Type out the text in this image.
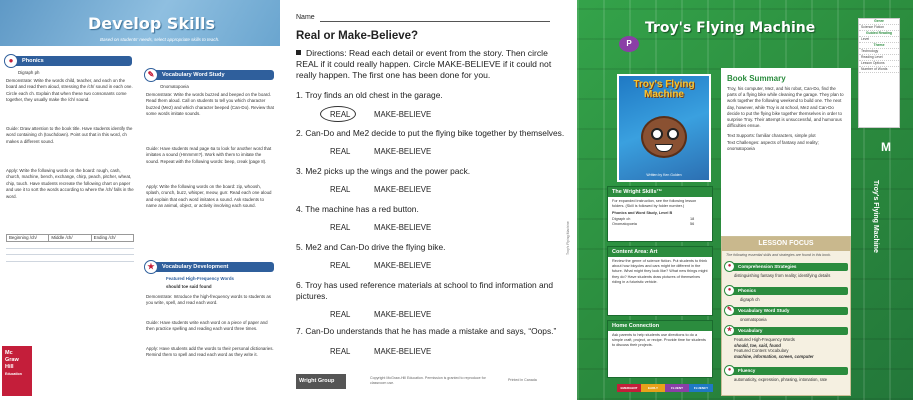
Develop Skills
Based on students' needs, select appropriate skills to teach.
●	Phonics
Digraph ph
Demonstrate: Write the words child, teacher, and each on the board and read them aloud, stressing the /ch/ sound in each one. Circle each ch. Explain that when these two consonants come together, they usually make the /ch/ sound.
Guide: Draw attention to the book title. Have students identify the word containing ch (touchdown). Point out that in this word, ch makes a different sound.
Apply: Write the following words on the board: rough, cash, church, machine, bench, exchange, chirp, peach, pitcher, wheat, chip, touch. Have students recreate the following chart on paper and use it to sort the words according to where the /ch/ falls in the word.
Beginning /ch/	Middle /ch/	Ending /ch/
✎	Vocabulary Word Study
Onomatopoeia
Demonstrate: Write the words buzzed and beeped on the board. Read them aloud. Call on students to tell you which character buzzed (Me2) and which character beeped (Can-Do). Review that some words imitate sounds.
Guide: Have students read page 6a to look for another word that imitates a sound (Hmmmm?). Work with them to imitate the sound. Repeat with the following words: beep, creak (page 8).
Apply: Write the following words on the board: zip, whoosh, splash, crunch, buzz, whisper, meow, gurr. Read each one aloud and explain that each word imitates a sound. Ask students to name an animal, object, or activity involving each sound.
★	Vocabulary Development
Featured High-Frequency Words
should toe said found
Demonstrate: Introduce the high-frequency words to students as you write, spell, and read each word.
Guide: Have students write each word on a piece of paper and then practice spelling and reading each word three times.
Apply: Have students add the words to their personal dictionaries. Remind them to spell and read each word as they write it.
Mc
Graw
Hill
Education
Name
Real or Make-Believe?
Directions: Read each detail or event from the story. Then circle REAL if it could really happen. Circle MAKE-BELIEVE if it could not really happen. The first one has been done for you.
1. Troy finds an old chest in the garage.
REAL	MAKE-BELIEVE
2. Can-Do and Me2 decide to put the flying bike together by themselves.
REAL	MAKE-BELIEVE
3. Me2 picks up the wings and the power pack.
REAL	MAKE-BELIEVE
4. The machine has a red button.
REAL	MAKE-BELIEVE
5. Me2 and Can-Do drive the flying bike.
REAL	MAKE-BELIEVE
6. Troy has used reference materials at school to find information and pictures.
REAL	MAKE-BELIEVE
7. Can-Do understands that he has made a mistake and says, “Oops.”
REAL	MAKE-BELIEVE
Wright Group	Copyright McGraw-Hill Education. Permission is granted to reproduce for classroom use.
Printed in Canada
Troy's Flying Machine
P
Troy's Flying Machine
Troy's Flying Machine
Written by Ken Golden
The Wright Skills™
For expanded instruction, see the following lesson folders. (Skill is followed by folder number.)
Phonics and Word Study, Level B
Digraph ch	18
Onomatopoeia	56
Content Area: Art
Review the genre of science fiction. Put students to think about how bicycles and cars might be different in the future. What might they look like? What new things might they do? Have students draw pictures of themselves riding in a futuristic vehicle.
Home Connection
Ask parents to help students use directions to do a simple craft, project, or recipe. Provide time for students to discuss their projects.
EMERGENT	EARLY	FLUENT	FLUENCY
Book Summary
Troy, his computer, Me2, and his robot, Can-Do, find the parts of a flying bike while cleaning the garage. They plan to work together the following weekend to build one. The next day, however, while Troy is at school, Me2 and Can-Do decide to put the flying bike together themselves in order to surprise Troy. Their attempt is unsuccessful, and humorous difficulties ensue.
Text Supports: familiar characters, simple plot
Text Challenges: aspects of fantasy and reality; onomatopoeia
LESSON FOCUS
The following essential skills and strategies are found in this book.
●	Comprehension Strategies
distinguishing fantasy from reality; identifying details
●	Phonics
digraph ch
✎	Vocabulary Word Study
onomatopoeia
★	Vocabulary
Featured High-Frequency Words
should, toe, said, found
Featured Content Vocabulary
machine, information, screen, computer
●	Fluency
automaticity, expression, phrasing, intonation, rate
Genre
Science Fiction
Guided Reading
Level
Theme
Technology
Reading Level
Lesson Options
Number of Words
M
Troy's Flying Machine
